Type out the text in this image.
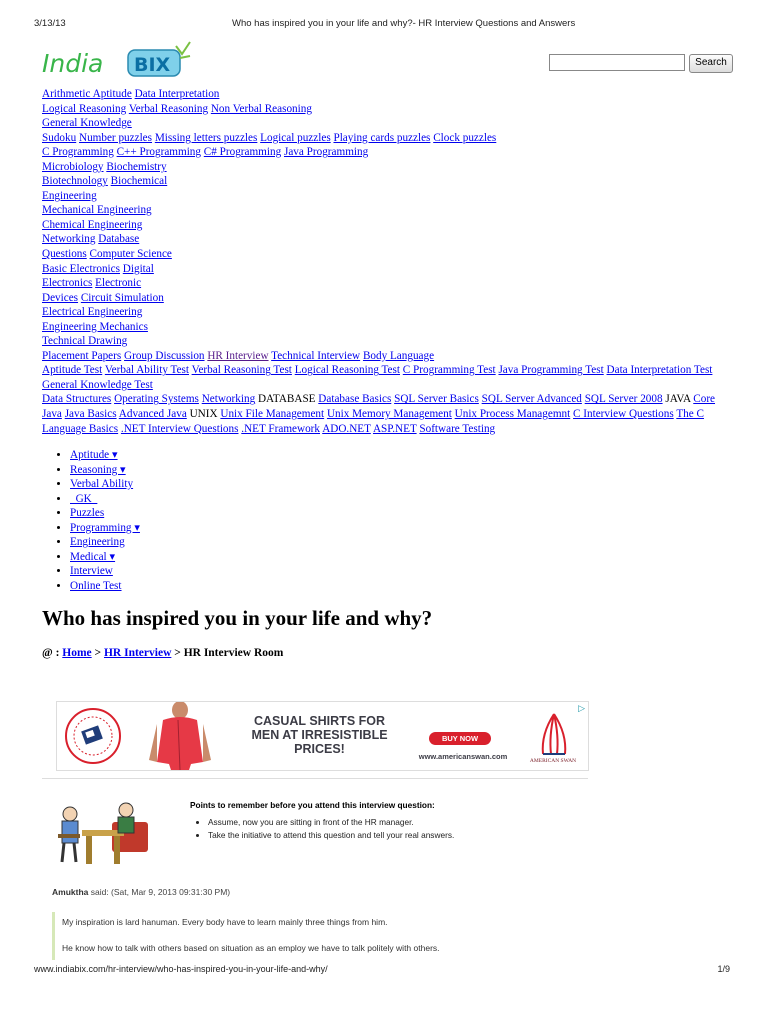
3/13/13	Who has inspired you in your life and why?- HR Interview Questions and Answers
India BIX	Search
Arithmetic Aptitude Data Interpretation
Logical Reasoning Verbal Reasoning Non Verbal Reasoning
General Knowledge
Sudoku Number puzzles Missing letters puzzles Logical puzzles Playing cards puzzles Clock puzzles
C Programming C++ Programming C# Programming Java Programming
Microbiology Biochemistry
Biotechnology Biochemical
Engineering
Mechanical Engineering
Chemical Engineering
Networking Database
Questions Computer Science
Basic Electronics Digital
Electronics Electronic
Devices Circuit Simulation
Electrical Engineering
Engineering Mechanics
Technical Drawing
Placement Papers Group Discussion HR Interview Technical Interview Body Language
Aptitude Test Verbal Ability Test Verbal Reasoning Test Logical Reasoning Test C Programming Test Java Programming Test Data Interpretation Test
General Knowledge Test
Data Structures Operating Systems Networking DATABASE Database Basics SQL Server Basics SQL Server Advanced SQL Server 2008 JAVA Core Java Java Basics Advanced Java UNIX Unix File Management Unix Memory Management Unix Process Managemnt C Interview Questions The C Language Basics .NET Interview Questions .NET Framework ADO.NET ASP.NET Software Testing
• Aptitude ▾
• Reasoning ▾
• Verbal Ability
•   GK
• Puzzles
• Programming ▾
• Engineering
• Medical ▾
• Interview
• Online Test
Who has inspired you in your life and why?
@ : Home > HR Interview > HR Interview Room
CASUAL SHIRTS FOR
MEN AT IRRESISTIBLE
PRICES!
BUY NOW
www.americanswan.com	AMERICAN SWAN
▷
Points to remember before you attend this interview question:
• Assume, now you are sitting in front of the HR manager.
• Take the initiative to attend this question and tell your real answers.
Amuktha said: (Sat, Mar 9, 2013 09:31:30 PM)

My inspiration is lard hanuman. Every body have to learn mainly three things from him.

He know how to talk with others based on situation as an employ we have to talk politely with others.

www.indiabix.com/hr-interview/who-has-inspired-you-in-your-life-and-why/	1/9
